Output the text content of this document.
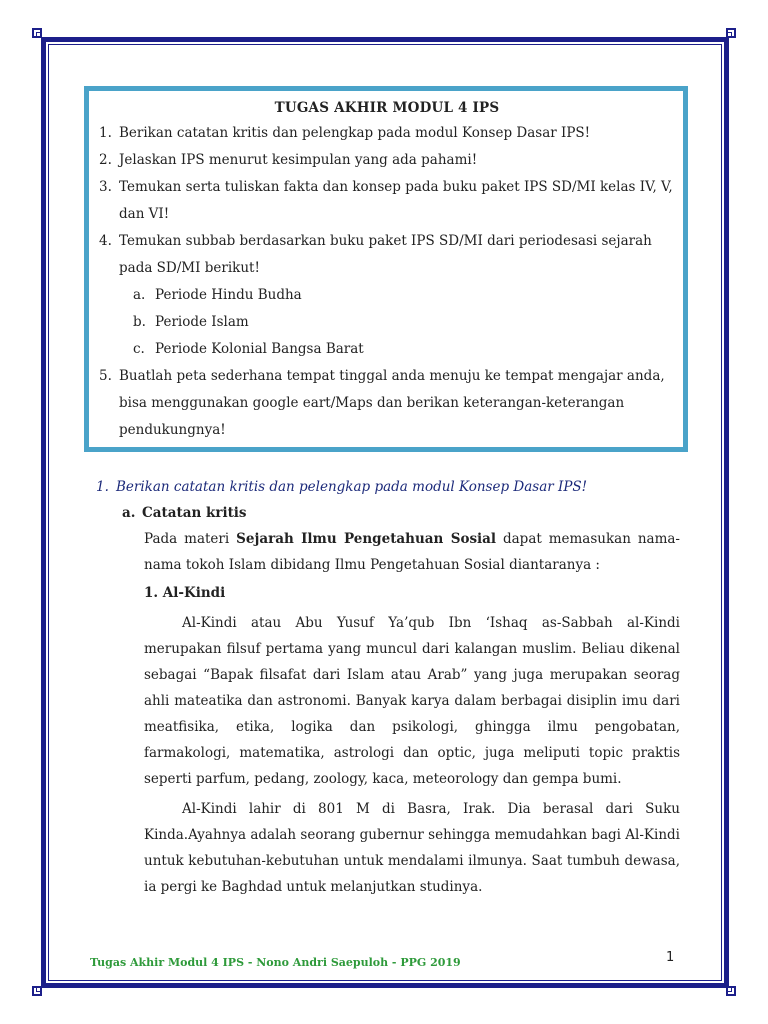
TUGAS AKHIR MODUL 4 IPS
1. Berikan catatan kritis dan pelengkap pada modul Konsep Dasar IPS!
2. Jelaskan IPS menurut kesimpulan yang ada pahami!
3. Temukan serta tuliskan fakta dan konsep pada buku paket IPS SD/MI kelas IV, V,
dan VI!
4. Temukan subbab berdasarkan buku paket IPS SD/MI dari periodesasi sejarah
pada SD/MI berikut!
a. Periode Hindu Budha
b. Periode Islam
c. Periode Kolonial Bangsa Barat
5. Buatlah peta sederhana tempat tinggal anda menuju ke tempat mengajar anda,
bisa menggunakan google eart/Maps dan berikan keterangan-keterangan
pendukungnya!

1. Berikan catatan kritis dan pelengkap pada modul Konsep Dasar IPS!

a. Catatan kritis

Pada materi Sejarah Ilmu Pengetahuan Sosial dapat memasukan nama- nama tokoh Islam dibidang Ilmu Pengetahuan Sosial diantaranya :

1. Al-Kindi

Al-Kindi atau Abu Yusuf Ya’qub Ibn ‘Ishaq as-Sabbah al-Kindi merupakan filsuf pertama yang muncul dari kalangan muslim. Beliau dikenal sebagai “Bapak filsafat dari Islam atau Arab” yang juga merupakan seorag ahli mateatika dan astronomi. Banyak karya dalam berbagai disiplin imu dari meatfisika, etika, logika dan psikologi, ghingga ilmu pengobatan, farmakologi, matematika, astrologi dan optic, juga meliputi topic praktis seperti parfum, pedang, zoology, kaca, meteorology dan gempa bumi.

Al-Kindi lahir di 801 M di Basra, Irak. Dia berasal dari Suku Kinda.Ayahnya adalah seorang gubernur sehingga memudahkan bagi Al-Kindi untuk kebutuhan-kebutuhan untuk mendalami ilmunya. Saat tumbuh dewasa, ia pergi ke Baghdad untuk melanjutkan studinya.

1
Tugas Akhir Modul 4 IPS - Nono Andri Saepuloh - PPG 2019
